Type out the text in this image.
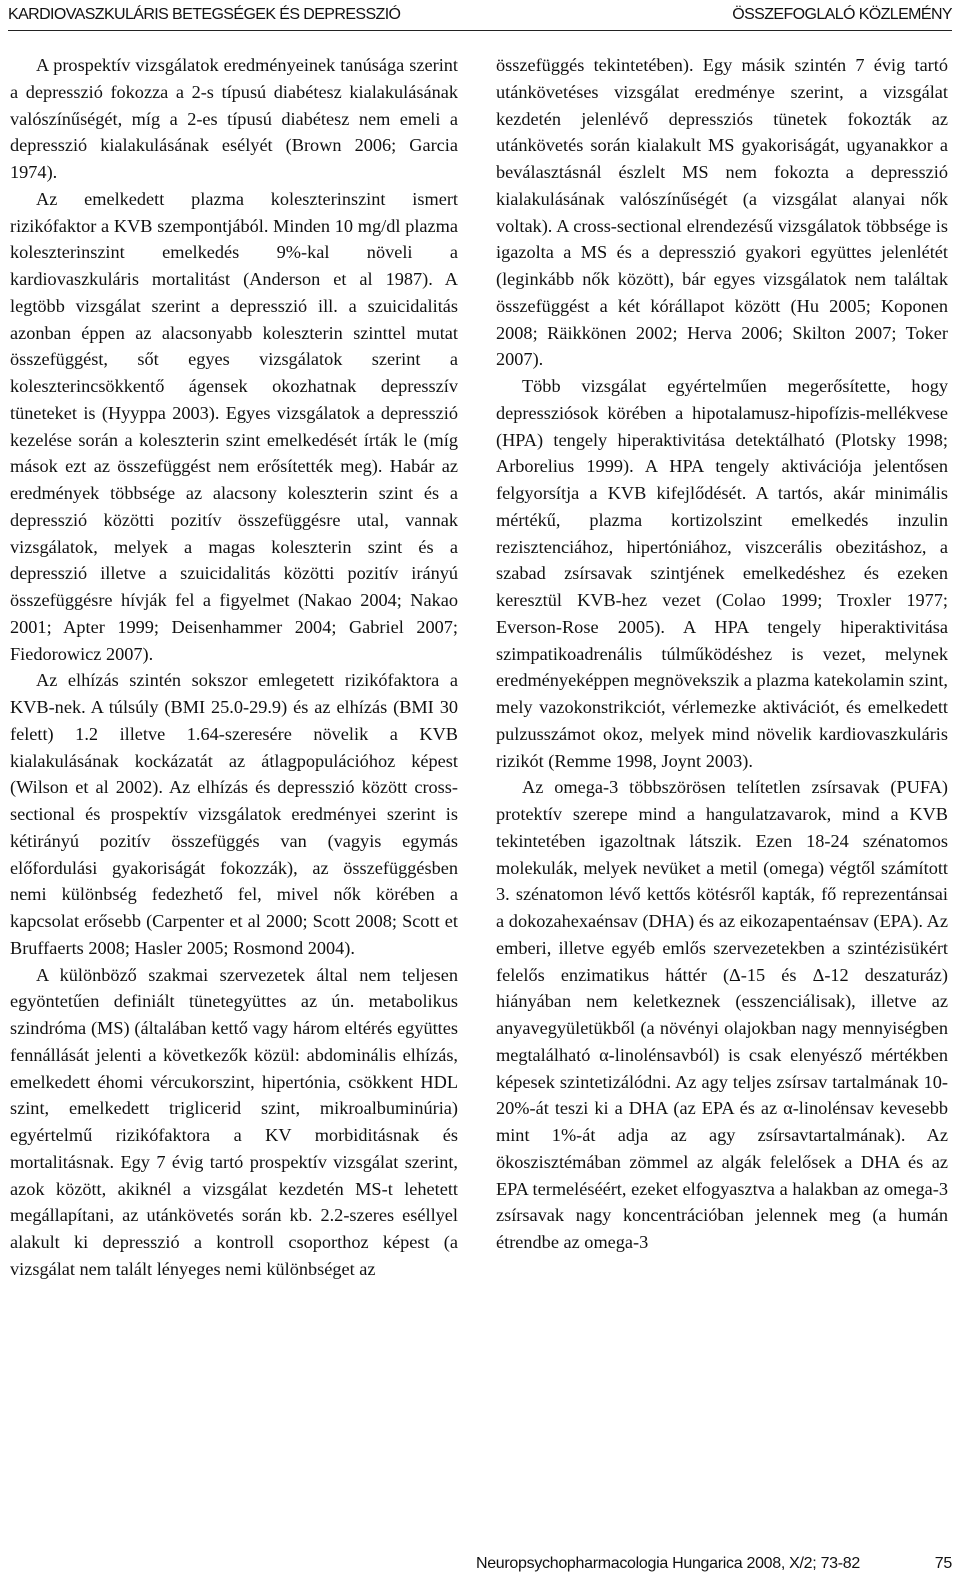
KARDIOVASZKULÁRIS BETEGSÉGEK ÉS DEPRESSZIÓ	ÖSSZEFOGLALÓ KÖZLEMÉNY

A prospektív vizsgálatok eredményeinek tanúsága szerint a depresszió fokozza a 2-s típusú diabétesz kialakulásának valószínűségét, míg a 2-es típusú diabétesz nem emeli a depresszió kialakulásának esélyét (Brown 2006; Garcia 1974).

Az emelkedett plazma koleszterinszint ismert rizikófaktor a KVB szempontjából. Minden 10 mg/dl plazma koleszterinszint emelkedés 9%-kal növeli a kardiovaszkuláris mortalitást (Anderson et al 1987). A legtöbb vizsgálat szerint a depresszió ill. a szuicidalitás azonban éppen az alacsonyabb koleszterin szinttel mutat összefüggést, sőt egyes vizsgálatok szerint a koleszterincsökkentő ágensek okozhatnak depresszív tüneteket is (Hyyppa 2003). Egyes vizsgálatok a depresszió kezelése során a koleszterin szint emelkedését írták le (míg mások ezt az összefüggést nem erősítették meg). Habár az eredmények többsége az alacsony koleszterin szint és a depresszió közötti pozitív összefüggésre utal, vannak vizsgálatok, melyek a magas koleszterin szint és a depresszió illetve a szuicidalitás közötti pozitív irányú összefüggésre hívják fel a figyelmet (Nakao 2004; Nakao 2001; Apter 1999; Deisenhammer 2004; Gabriel 2007; Fiedorowicz 2007).

Az elhízás szintén sokszor emlegetett rizikófaktora a KVB-nek. A túlsúly (BMI 25.0-29.9) és az elhízás (BMI 30 felett) 1.2 illetve 1.64-szeresére növelik a KVB kialakulásának kockázatát az átlagpopulációhoz képest (Wilson et al 2002). Az elhízás és depresszió között cross-sectional és prospektív vizsgálatok eredményei szerint is kétirányú pozitív összefüggés van (vagyis egymás előfordulási gyakoriságát fokozzák), az összefüggésben nemi különbség fedezhető fel, mivel nők körében a kapcsolat erősebb (Carpenter et al 2000; Scott 2008; Scott et Bruffaerts 2008; Hasler 2005; Rosmond 2004).

A különböző szakmai szervezetek által nem teljesen egyöntetűen definiált tünetegyüttes az ún. metabolikus szindróma (MS) (általában kettő vagy három eltérés együttes fennállását jelenti a következők közül: abdominális elhízás, emelkedett éhomi vércukorszint, hipertónia, csökkent HDL szint, emelkedett triglicerid szint, mikroalbuminúria) egyértelmű rizikófaktora a KV morbiditásnak és mortalitásnak. Egy 7 évig tartó prospektív vizsgálat szerint, azok között, akiknél a vizsgálat kezdetén MS-t lehetett megállapítani, az utánkövetés során kb. 2.2-szeres eséllyel alakult ki depresszió a kontroll csoporthoz képest (a vizsgálat nem talált lényeges nemi különbséget az

összefüggés tekintetében). Egy másik szintén 7 évig tartó utánkövetéses vizsgálat eredménye szerint, a vizsgálat kezdetén jelenlévő depressziós tünetek fokozták az utánkövetés során kialakult MS gyakoriságát, ugyanakkor a beválasztásnál észlelt MS nem fokozta a depresszió kialakulásának valószínűségét (a vizsgálat alanyai nők voltak). A cross-sectional elrendezésű vizsgálatok többsége is igazolta a MS és a depresszió gyakori együttes jelenlétét (leginkább nők között), bár egyes vizsgálatok nem találtak összefüggést a két kórállapot között (Hu 2005; Koponen 2008; Räikkönen 2002; Herva 2006; Skilton 2007; Toker 2007).

Több vizsgálat egyértelműen megerősítette, hogy depressziósok körében a hipotalamusz-hipofízis-mellékvese (HPA) tengely hiperaktivitása detektálható (Plotsky 1998; Arborelius 1999). A HPA tengely aktivációja jelentősen felgyorsítja a KVB kifejlődését. A tartós, akár minimális mértékű, plazma kortizolszint emelkedés inzulin rezisztenciához, hipertóniához, viszcerális obezitáshoz, a szabad zsírsavak szintjének emelkedéshez és ezeken keresztül KVB-hez vezet (Colao 1999; Troxler 1977; Everson-Rose 2005). A HPA tengely hiperaktivitása szimpatikoadrenális túlműködéshez is vezet, melynek eredményeképpen megnövekszik a plazma katekolamin szint, mely vazokonstrikciót, vérlemezke aktivációt, és emelkedett pulzusszámot okoz, melyek mind növelik kardiovaszkuláris rizikót (Remme 1998, Joynt 2003).

Az omega-3 többszörösen telítetlen zsírsavak (PUFA) protektív szerepe mind a hangulatzavarok, mind a KVB tekintetében igazoltnak látszik. Ezen 18-24 szénatomos molekulák, melyek nevüket a metil (omega) végtől számított 3. szénatomon lévő kettős kötésről kapták, fő reprezentánsai a dokozahexaénsav (DHA) és az eikozapentaénsav (EPA). Az emberi, illetve egyéb emlős szervezetekben a szintézisükért felelős enzimatikus háttér (Δ-15 és Δ-12 deszaturáz) hiányában nem keletkeznek (esszenciálisak), illetve az anyavegyületükből (a növényi olajokban nagy mennyiségben megtalálható α-linolénsavból) is csak elenyésző mértékben képesek szintetizálódni. Az agy teljes zsírsav tartalmának 10-20%-át teszi ki a DHA (az EPA és az α-linolénsav kevesebb mint 1%-át adja az agy zsírsavtartalmának). Az ökoszisztémában zömmel az algák felelősek a DHA és az EPA termeléséért, ezeket elfogyasztva a halakban az omega-3 zsírsavak nagy koncentrációban jelennek meg (a humán étrendbe az omega-3

Neuropsychopharmacologia Hungarica 2008, X/2; 73-82	75
